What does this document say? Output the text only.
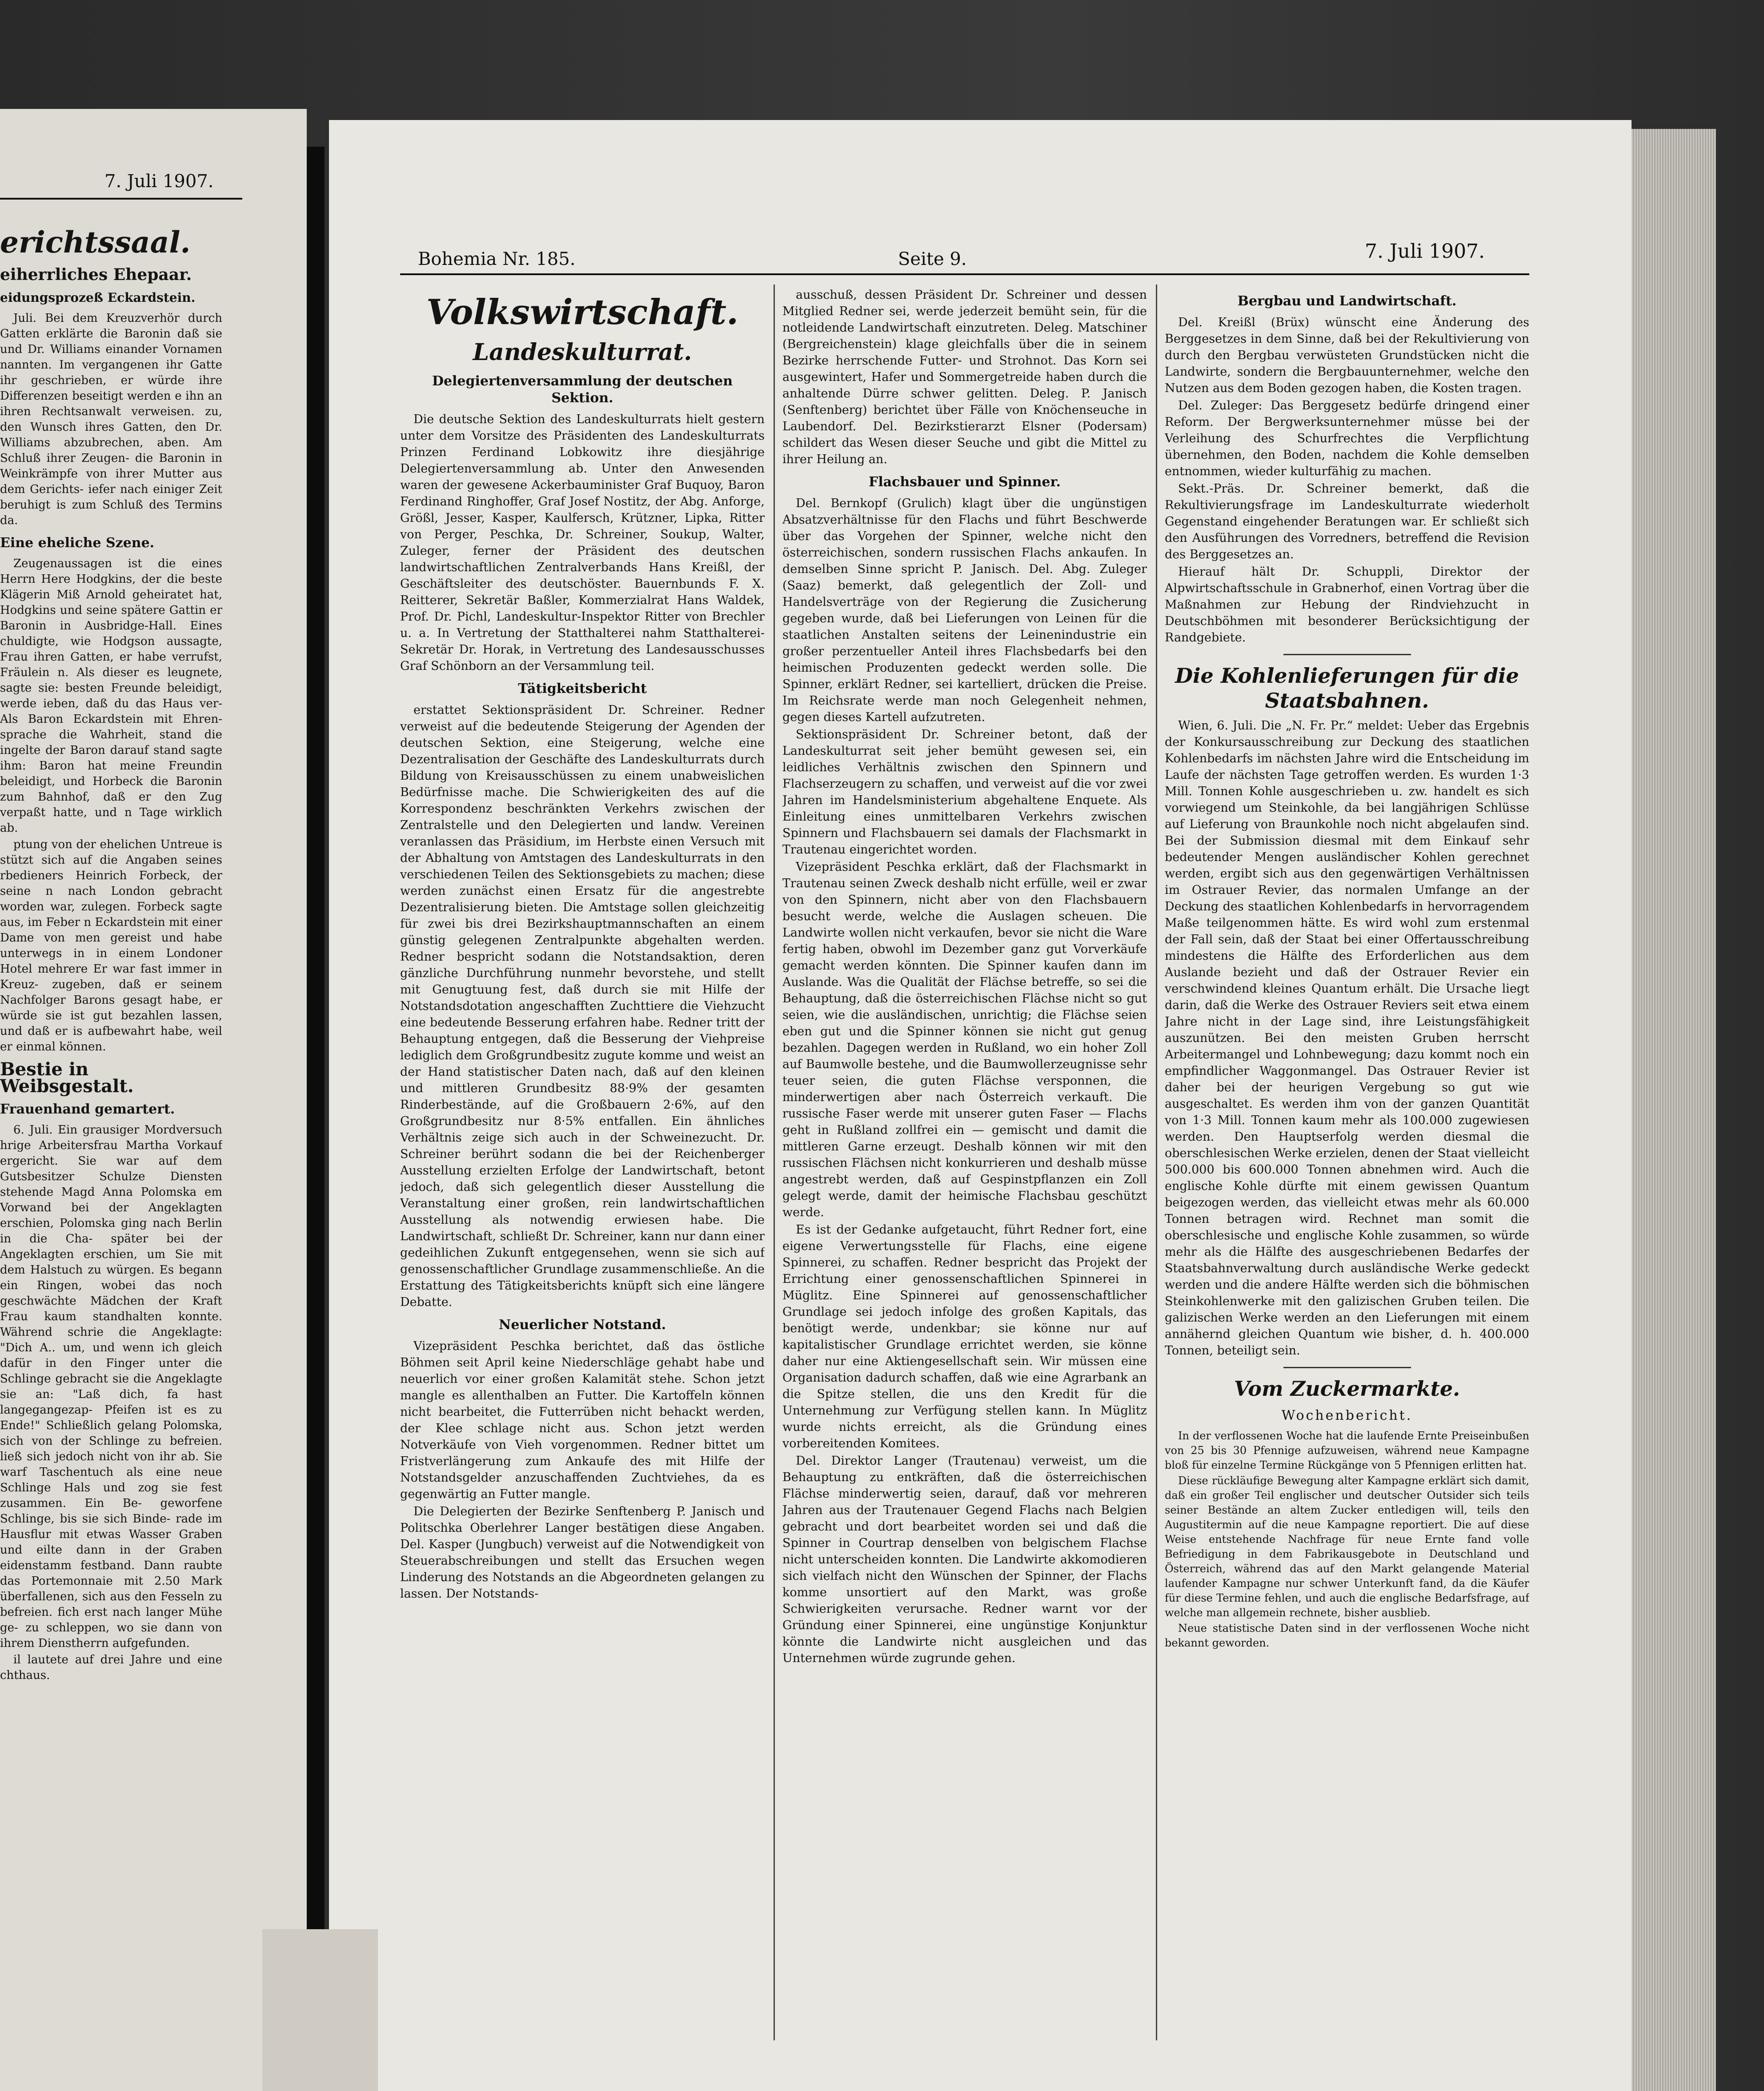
7. Juli 1907.
erichtssaal.
eiherrliches Ehepaar.
eidungsprozeß Eckardstein.

Juli. Bei dem Kreuzverhör durch Gatten erklärte die Baronin daß sie und Dr. Williams einander Vornamen nannten. Im vergangenen ihr Gatte ihr geschrieben, er würde ihre Differenzen beseitigt werden e ihn an ihren Rechtsanwalt verweisen. zu, den Wunsch ihres Gatten, den Dr. Williams abzubrechen, aben. Am Schluß ihrer Zeugen- die Baronin in Weinkrämpfe von ihrer Mutter aus dem Gerichts- iefer nach einiger Zeit beruhigt is zum Schluß des Termins da.

Eine eheliche Szene.

Zeugenaussagen ist die eines Herrn Here Hodgkins, der die beste Klägerin Miß Arnold geheiratet hat, Hodgkins und seine spätere Gattin er Baronin in Ausbridge-Hall. Eines chuldigte, wie Hodgson aussagte, Frau ihren Gatten, er habe verrufst, Fräulein n. Als dieser es leugnete, sagte sie: besten Freunde beleidigt, werde ieben, daß du das Haus ver- Als Baron Eckardstein mit Ehren- sprache die Wahrheit, stand die ingelte der Baron darauf stand sagte ihm: Baron hat meine Freundin beleidigt, und Horbeck die Baronin zum Bahnhof, daß er den Zug verpaßt hatte, und n Tage wirklich ab.

ptung von der ehelichen Untreue is stützt sich auf die Angaben seines rbedieners Heinrich Forbeck, der seine n nach London gebracht worden war, zulegen. Forbeck sagte aus, im Feber n Eckardstein mit einer Dame von men gereist und habe unterwegs in in einem Londoner Hotel mehrere Er war fast immer in Kreuz- zugeben, daß er seinem Nachfolger Barons gesagt habe, er würde sie ist gut bezahlen lassen, und daß er is aufbewahrt habe, weil er einmal können.

Bestie in Weibsgestalt.
Frauenhand gemartert.

6. Juli. Ein grausiger Mordversuch hrige Arbeitersfrau Martha Vorkauf ergericht. Sie war auf dem Gutsbesitzer Schulze Diensten stehende Magd Anna Polomska em Vorwand bei der Angeklagten erschien, Polomska ging nach Berlin in die Cha- später bei der Angeklagten erschien, um Sie mit dem Halstuch zu würgen. Es begann ein Ringen, wobei das noch geschwächte Mädchen der Kraft Frau kaum standhalten konnte. Während schrie die Angeklagte: "Dich A.. um, und wenn ich gleich dafür in den Finger unter die Schlinge gebracht sie die Angeklagte sie an: "Laß dich, fa hast langegangezap- Pfeifen ist es zu Ende!" Schließlich gelang Polomska, sich von der Schlinge zu befreien. ließ sich jedoch nicht von ihr ab. Sie warf Taschentuch als eine neue Schlinge Hals und zog sie fest zusammen. Ein Be- geworfene Schlinge, bis sie sich Binde- rade im Hausflur mit etwas Wasser Graben und eilte dann in der Graben eidenstamm festband. Dann raubte das Portemonnaie mit 2.50 Mark überfallenen, sich aus den Fesseln zu befreien. fich erst nach langer Mühe ge- zu schleppen, wo sie dann von ihrem Dienstherrn aufgefunden.

il lautete auf drei Jahre und eine chthaus.

Bohemia Nr. 185.	Seite 9.	7. Juli 1907.
Volkswirtschaft.
Landeskulturrat.
Delegiertenversammlung der deutschen Sektion.

Die deutsche Sektion des Landeskulturrats hielt gestern unter dem Vorsitze des Präsidenten des Landeskulturrats Prinzen Ferdinand Lobkowitz ihre diesjährige Delegiertenversammlung ab. Unter den Anwesenden waren der gewesene Ackerbauminister Graf Buquoy, Baron Ferdinand Ringhoffer, Graf Josef Nostitz, der Abg. Anforge, Größl, Jesser, Kasper, Kaulfersch, Krützner, Lipka, Ritter von Perger, Peschka, Dr. Schreiner, Soukup, Walter, Zuleger, ferner der Präsident des deutschen landwirtschaftlichen Zentralverbands Hans Kreißl, der Geschäftsleiter des deutschöster. Bauernbunds F. X. Reitterer, Sekretär Baßler, Kommerzialrat Hans Waldek, Prof. Dr. Pichl, Landeskultur-Inspektor Ritter von Brechler u. a. In Vertretung der Statthalterei nahm Statthalterei-Sekretär Dr. Horak, in Vertretung des Landesausschusses Graf Schönborn an der Versammlung teil.

Tätigkeitsbericht

erstattet Sektionspräsident Dr. Schreiner. Redner verweist auf die bedeutende Steigerung der Agenden der deutschen Sektion, eine Steigerung, welche eine Dezentralisation der Geschäfte des Landeskulturrats durch Bildung von Kreisausschüssen zu einem unabweislichen Bedürfnisse mache. Die Schwierigkeiten des auf die Korrespondenz beschränkten Verkehrs zwischen der Zentralstelle und den Delegierten und landw. Vereinen veranlassen das Präsidium, im Herbste einen Versuch mit der Abhaltung von Amtstagen des Landeskulturrats in den verschiedenen Teilen des Sektionsgebiets zu machen; diese werden zunächst einen Ersatz für die angestrebte Dezentralisierung bieten. Die Amtstage sollen gleichzeitig für zwei bis drei Bezirkshauptmannschaften an einem günstig gelegenen Zentralpunkte abgehalten werden. Redner bespricht sodann die Notstandsaktion, deren gänzliche Durchführung nunmehr bevorstehe, und stellt mit Genugtuung fest, daß durch sie mit Hilfe der Notstandsdotation angeschafften Zuchttiere die Viehzucht eine bedeutende Besserung erfahren habe. Redner tritt der Behauptung entgegen, daß die Besserung der Viehpreise lediglich dem Großgrundbesitz zugute komme und weist an der Hand statistischer Daten nach, daß auf den kleinen und mittleren Grundbesitz 88·9% der gesamten Rinderbestände, auf die Großbauern 2·6%, auf den Großgrundbesitz nur 8·5% entfallen. Ein ähnliches Verhältnis zeige sich auch in der Schweinezucht. Dr. Schreiner berührt sodann die bei der Reichenberger Ausstellung erzielten Erfolge der Landwirtschaft, betont jedoch, daß sich gelegentlich dieser Ausstellung die Veranstaltung einer großen, rein landwirtschaftlichen Ausstellung als notwendig erwiesen habe. Die Landwirtschaft, schließt Dr. Schreiner, kann nur dann einer gedeihlichen Zukunft entgegensehen, wenn sie sich auf genossenschaftlicher Grundlage zusammenschließe. An die Erstattung des Tätigkeitsberichts knüpft sich eine längere Debatte.

Neuerlicher Notstand.

Vizepräsident Peschka berichtet, daß das östliche Böhmen seit April keine Niederschläge gehabt habe und neuerlich vor einer großen Kalamität stehe. Schon jetzt mangle es allenthalben an Futter. Die Kartoffeln können nicht bearbeitet, die Futterrüben nicht behackt werden, der Klee schlage nicht aus. Schon jetzt werden Notverkäufe von Vieh vorgenommen. Redner bittet um Fristverlängerung zum Ankaufe des mit Hilfe der Notstandsgelder anzuschaffenden Zuchtviehes, da es gegenwärtig an Futter mangle.

Die Delegierten der Bezirke Senftenberg P. Janisch und Politschka Oberlehrer Langer bestätigen diese Angaben. Del. Kasper (Jungbuch) verweist auf die Notwendigkeit von Steuerabschreibungen und stellt das Ersuchen wegen Linderung des Notstands an die Abgeordneten gelangen zu lassen. Der Notstands-

ausschuß, dessen Präsident Dr. Schreiner und dessen Mitglied Redner sei, werde jederzeit bemüht sein, für die notleidende Landwirtschaft einzutreten. Deleg. Matschiner (Bergreichenstein) klage gleichfalls über die in seinem Bezirke herrschende Futter- und Strohnot. Das Korn sei ausgewintert, Hafer und Sommergetreide haben durch die anhaltende Dürre schwer gelitten. Deleg. P. Janisch (Senftenberg) berichtet über Fälle von Knöchenseuche in Laubendorf. Del. Bezirkstierarzt Elsner (Podersam) schildert das Wesen dieser Seuche und gibt die Mittel zu ihrer Heilung an.

Flachsbauer und Spinner.

Del. Bernkopf (Grulich) klagt über die ungünstigen Absatzverhältnisse für den Flachs und führt Beschwerde über das Vorgehen der Spinner, welche nicht den österreichischen, sondern russischen Flachs ankaufen. In demselben Sinne spricht P. Janisch. Del. Abg. Zuleger (Saaz) bemerkt, daß gelegentlich der Zoll- und Handelsverträge von der Regierung die Zusicherung gegeben wurde, daß bei Lieferungen von Leinen für die staatlichen Anstalten seitens der Leinenindustrie ein großer perzentueller Anteil ihres Flachsbedarfs bei den heimischen Produzenten gedeckt werden solle. Die Spinner, erklärt Redner, sei kartelliert, drücken die Preise. Im Reichsrate werde man noch Gelegenheit nehmen, gegen dieses Kartell aufzutreten.

Sektionspräsident Dr. Schreiner betont, daß der Landeskulturrat seit jeher bemüht gewesen sei, ein leidliches Verhältnis zwischen den Spinnern und Flachserzeugern zu schaffen, und verweist auf die vor zwei Jahren im Handelsministerium abgehaltene Enquete. Als Einleitung eines unmittelbaren Verkehrs zwischen Spinnern und Flachsbauern sei damals der Flachsmarkt in Trautenau eingerichtet worden.

Vizepräsident Peschka erklärt, daß der Flachsmarkt in Trautenau seinen Zweck deshalb nicht erfülle, weil er zwar von den Spinnern, nicht aber von den Flachsbauern besucht werde, welche die Auslagen scheuen. Die Landwirte wollen nicht verkaufen, bevor sie nicht die Ware fertig haben, obwohl im Dezember ganz gut Vorverkäufe gemacht werden könnten. Die Spinner kaufen dann im Auslande. Was die Qualität der Flächse betreffe, so sei die Behauptung, daß die österreichischen Flächse nicht so gut seien, wie die ausländischen, unrichtig; die Flächse seien eben gut und die Spinner können sie nicht gut genug bezahlen. Dagegen werden in Rußland, wo ein hoher Zoll auf Baumwolle bestehe, und die Baumwollerzeugnisse sehr teuer seien, die guten Flächse versponnen, die minderwertigen aber nach Österreich verkauft. Die russische Faser werde mit unserer guten Faser — Flachs geht in Rußland zollfrei ein — gemischt und damit die mittleren Garne erzeugt. Deshalb können wir mit den russischen Flächsen nicht konkurrieren und deshalb müsse angestrebt werden, daß auf Gespinstpflanzen ein Zoll gelegt werde, damit der heimische Flachsbau geschützt werde.

Es ist der Gedanke aufgetaucht, führt Redner fort, eine eigene Verwertungsstelle für Flachs, eine eigene Spinnerei, zu schaffen. Redner bespricht das Projekt der Errichtung einer genossenschaftlichen Spinnerei in Müglitz. Eine Spinnerei auf genossenschaftlicher Grundlage sei jedoch infolge des großen Kapitals, das benötigt werde, undenkbar; sie könne nur auf kapitalistischer Grundlage errichtet werden, sie könne daher nur eine Aktiengesellschaft sein. Wir müssen eine Organisation dadurch schaffen, daß wie eine Agrarbank an die Spitze stellen, die uns den Kredit für die Unternehmung zur Verfügung stellen kann. In Müglitz wurde nichts erreicht, als die Gründung eines vorbereitenden Komitees.

Del. Direktor Langer (Trautenau) verweist, um die Behauptung zu entkräften, daß die österreichischen Flächse minderwertig seien, darauf, daß vor mehreren Jahren aus der Trautenauer Gegend Flachs nach Belgien gebracht und dort bearbeitet worden sei und daß die Spinner in Courtrap denselben von belgischem Flachse nicht unterscheiden konnten. Die Landwirte akkomodieren sich vielfach nicht den Wünschen der Spinner, der Flachs komme unsortiert auf den Markt, was große Schwierigkeiten verursache. Redner warnt vor der Gründung einer Spinnerei, eine ungünstige Konjunktur könnte die Landwirte nicht ausgleichen und das Unternehmen würde zugrunde gehen.

Bergbau und Landwirtschaft.

Del. Kreißl (Brüx) wünscht eine Änderung des Berggesetzes in dem Sinne, daß bei der Rekultivierung von durch den Bergbau verwüsteten Grundstücken nicht die Landwirte, sondern die Bergbauunternehmer, welche den Nutzen aus dem Boden gezogen haben, die Kosten tragen.

Del. Zuleger: Das Berggesetz bedürfe dringend einer Reform. Der Bergwerksunternehmer müsse bei der Verleihung des Schurfrechtes die Verpflichtung übernehmen, den Boden, nachdem die Kohle demselben entnommen, wieder kulturfähig zu machen.

Sekt.-Präs. Dr. Schreiner bemerkt, daß die Rekultivierungsfrage im Landeskulturrate wiederholt Gegenstand eingehender Beratungen war. Er schließt sich den Ausführungen des Vorredners, betreffend die Revision des Berggesetzes an.

Hierauf hält Dr. Schuppli, Direktor der Alpwirtschaftsschule in Grabnerhof, einen Vortrag über die Maßnahmen zur Hebung der Rindviehzucht in Deutschböhmen mit besonderer Berücksichtigung der Randgebiete.

Die Kohlenlieferungen für die Staatsbahnen.

Wien, 6. Juli. Die „N. Fr. Pr.“ meldet: Ueber das Ergebnis der Konkursausschreibung zur Deckung des staatlichen Kohlenbedarfs im nächsten Jahre wird die Entscheidung im Laufe der nächsten Tage getroffen werden. Es wurden 1·3 Mill. Tonnen Kohle ausgeschrieben u. zw. handelt es sich vorwiegend um Steinkohle, da bei langjährigen Schlüsse auf Lieferung von Braunkohle noch nicht abgelaufen sind. Bei der Submission diesmal mit dem Einkauf sehr bedeutender Mengen ausländischer Kohlen gerechnet werden, ergibt sich aus den gegenwärtigen Verhältnissen im Ostrauer Revier, das normalen Umfange an der Deckung des staatlichen Kohlenbedarfs in hervorragendem Maße teilgenommen hätte. Es wird wohl zum erstenmal der Fall sein, daß der Staat bei einer Offertausschreibung mindestens die Hälfte des Erforderlichen aus dem Auslande bezieht und daß der Ostrauer Revier ein verschwindend kleines Quantum erhält. Die Ursache liegt darin, daß die Werke des Ostrauer Reviers seit etwa einem Jahre nicht in der Lage sind, ihre Leistungsfähigkeit auszunützen. Bei den meisten Gruben herrscht Arbeitermangel und Lohnbewegung; dazu kommt noch ein empfindlicher Waggonmangel. Das Ostrauer Revier ist daher bei der heurigen Vergebung so gut wie ausgeschaltet. Es werden ihm von der ganzen Quantität von 1·3 Mill. Tonnen kaum mehr als 100.000 zugewiesen werden. Den Hauptserfolg werden diesmal die oberschlesischen Werke erzielen, denen der Staat vielleicht 500.000 bis 600.000 Tonnen abnehmen wird. Auch die englische Kohle dürfte mit einem gewissen Quantum beigezogen werden, das vielleicht etwas mehr als 60.000 Tonnen betragen wird. Rechnet man somit die oberschlesische und englische Kohle zusammen, so würde mehr als die Hälfte des ausgeschriebenen Bedarfes der Staatsbahnverwaltung durch ausländische Werke gedeckt werden und die andere Hälfte werden sich die böhmischen Steinkohlenwerke mit den galizischen Gruben teilen. Die galizischen Werke werden an den Lieferungen mit einem annähernd gleichen Quantum wie bisher, d. h. 400.000 Tonnen, beteiligt sein.

Vom Zuckermarkte.
Wochenbericht.

In der verflossenen Woche hat die laufende Ernte Preiseinbußen von 25 bis 30 Pfennige aufzuweisen, während neue Kampagne bloß für einzelne Termine Rückgänge von 5 Pfennigen erlitten hat.

Diese rückläufige Bewegung alter Kampagne erklärt sich damit, daß ein großer Teil englischer und deutscher Outsider sich teils seiner Bestände an altem Zucker entledigen will, teils den Augustitermin auf die neue Kampagne reportiert. Die auf diese Weise entstehende Nachfrage für neue Ernte fand volle Befriedigung in dem Fabrikausgebote in Deutschland und Österreich, während das auf den Markt gelangende Material laufender Kampagne nur schwer Unterkunft fand, da die Käufer für diese Termine fehlen, und auch die englische Bedarfsfrage, auf welche man allgemein rechnete, bisher ausblieb.

Neue statistische Daten sind in der verflossenen Woche nicht bekannt geworden.
